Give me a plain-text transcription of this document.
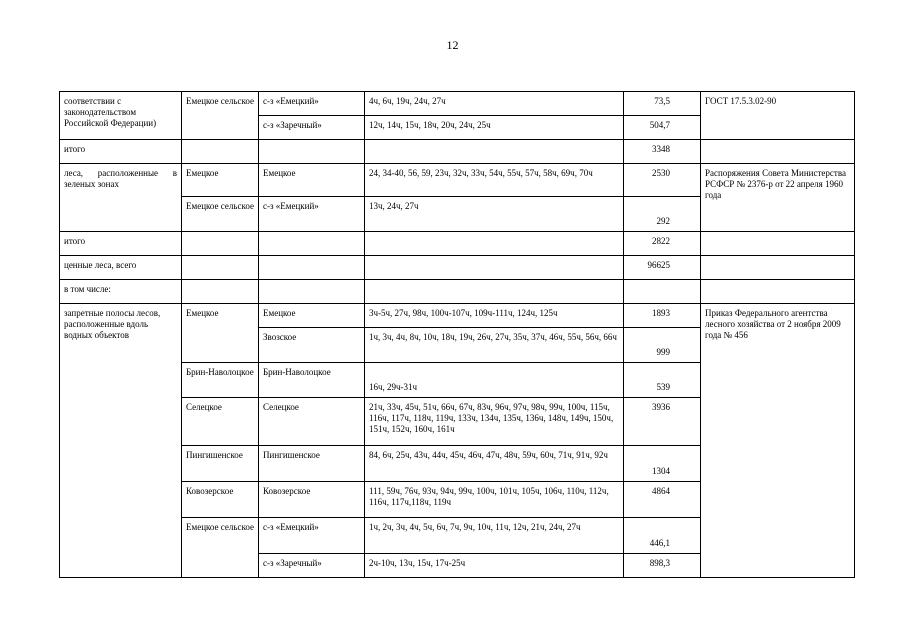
12
соответствии с законодательством Российской Федерации)	Емецкое сельское	с-з «Емецкий»	4ч, 6ч, 19ч, 24ч, 27ч	73,5	ГОСТ 17.5.3.02-90
		с-з «Заречный»	12ч, 14ч, 15ч, 18ч, 20ч, 24ч, 25ч	504,7	
итого				3348	
леса, расположенные в зеленых зонах	Емецкое	Емецкое	24, 34-40, 56, 59, 23ч, 32ч, 33ч, 54ч, 55ч, 57ч, 58ч, 69ч, 70ч	2530	Распоряжения Совета Министерства РСФСР № 2376-р от 22 апреля 1960 года
	Емецкое сельское	с-з «Емецкий»	13ч, 24ч, 27ч	292	
итого				2822	
ценные леса, всего				96625	
в том числе:					
запретные полосы лесов, расположенные вдоль водных объектов	Емецкое	Емецкое	3ч-5ч, 27ч, 98ч, 100ч-107ч, 109ч-111ч, 124ч, 125ч	1893	Приказ Федерального агентства лесного хозяйства от 2 ноября 2009 года № 456
		Звозское	1ч, 3ч, 4ч, 8ч, 10ч, 18ч, 19ч, 26ч, 27ч, 35ч, 37ч, 46ч, 55ч, 56ч, 66ч	999	
	Брин-Наволоцкое	Брин-Наволоцкое	16ч, 29ч-31ч	539	
	Селецкое	Селецкое	21ч, 33ч, 45ч, 51ч, 66ч, 67ч, 83ч, 96ч, 97ч, 98ч, 99ч, 100ч, 115ч, 116ч, 117ч, 118ч, 119ч, 133ч, 134ч, 135ч, 136ч, 148ч, 149ч, 150ч, 151ч, 152ч, 160ч, 161ч	3936	
	Пингишенское	Пингишенское	84, 6ч, 25ч, 43ч, 44ч, 45ч, 46ч, 47ч, 48ч, 59ч, 60ч, 71ч, 91ч, 92ч	1304	
	Ковозерское	Ковозерское	111, 59ч, 76ч, 93ч, 94ч, 99ч, 100ч, 101ч, 105ч, 106ч, 110ч, 112ч, 116ч, 117ч,118ч, 119ч	4864	
	Емецкое сельское	с-з «Емецкий»	1ч, 2ч, 3ч, 4ч, 5ч, 6ч, 7ч, 9ч, 10ч, 11ч, 12ч, 21ч, 24ч, 27ч	446,1	
		с-з «Заречный»	2ч-10ч, 13ч, 15ч, 17ч-25ч	898,3	
